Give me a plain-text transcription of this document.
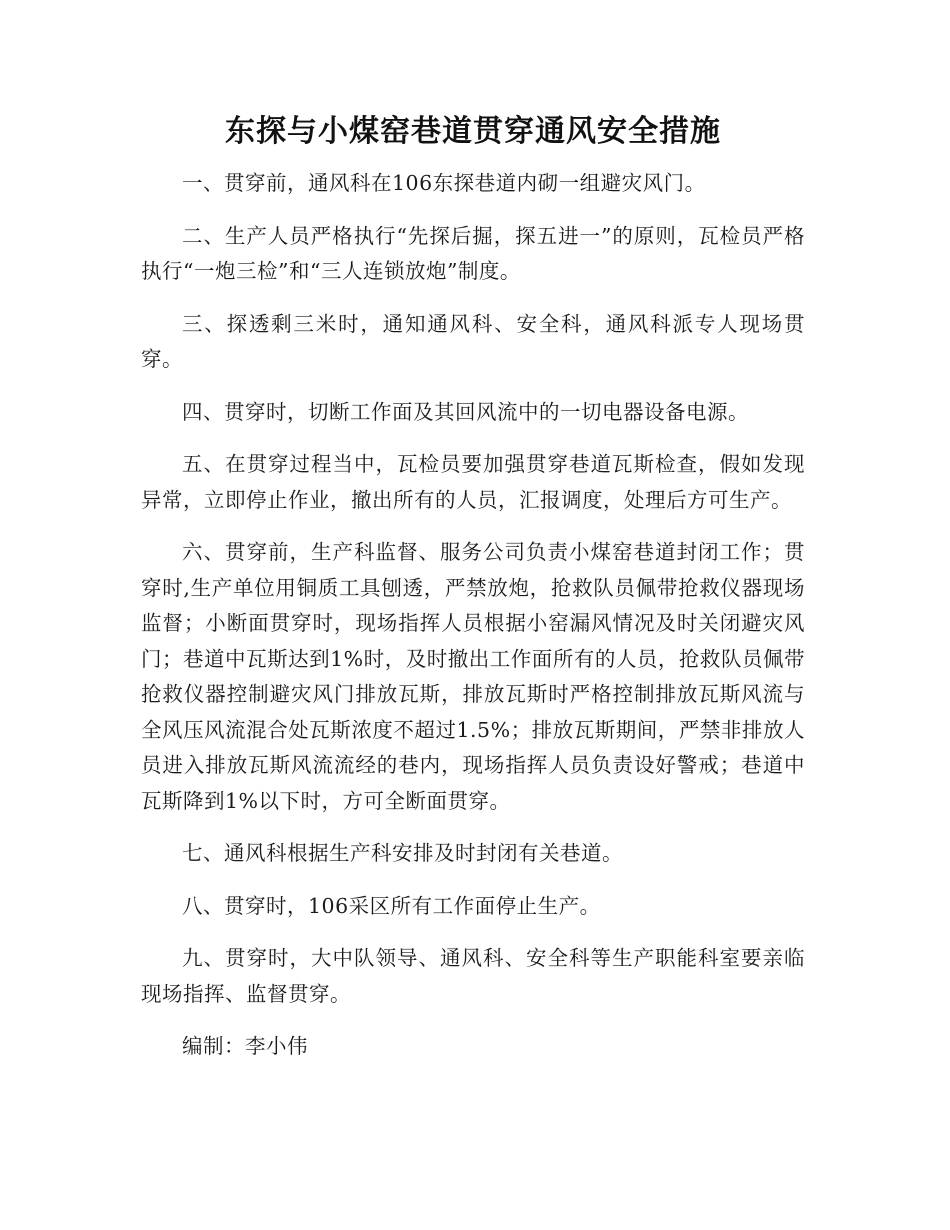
东探与小煤窑巷道贯穿通风安全措施

一、贯穿前，通风科在106东探巷道内砌一组避灾风门。

二、生产人员严格执行“先探后掘，探五进一”的原则，瓦检员严格执行“一炮三检”和“三人连锁放炮”制度。

三、探透剩三米时，通知通风科、安全科，通风科派专人现场贯穿。

四、贯穿时，切断工作面及其回风流中的一切电器设备电源。

五、在贯穿过程当中，瓦检员要加强贯穿巷道瓦斯检查，假如发现异常，立即停止作业，撤出所有的人员，汇报调度，处理后方可生产。

六、贯穿前，生产科监督、服务公司负责小煤窑巷道封闭工作；贯穿时,生产单位用铜质工具刨透，严禁放炮，抢救队员佩带抢救仪器现场监督；小断面贯穿时，现场指挥人员根据小窑漏风情况及时关闭避灾风门；巷道中瓦斯达到1%时，及时撤出工作面所有的人员，抢救队员佩带抢救仪器控制避灾风门排放瓦斯，排放瓦斯时严格控制排放瓦斯风流与全风压风流混合处瓦斯浓度不超过1.5%；排放瓦斯期间，严禁非排放人员进入排放瓦斯风流流经的巷内，现场指挥人员负责设好警戒；巷道中瓦斯降到1%以下时，方可全断面贯穿。

七、通风科根据生产科安排及时封闭有关巷道。

八、贯穿时，106采区所有工作面停止生产。

九、贯穿时，大中队领导、通风科、安全科等生产职能科室要亲临现场指挥、监督贯穿。

编制：李小伟
